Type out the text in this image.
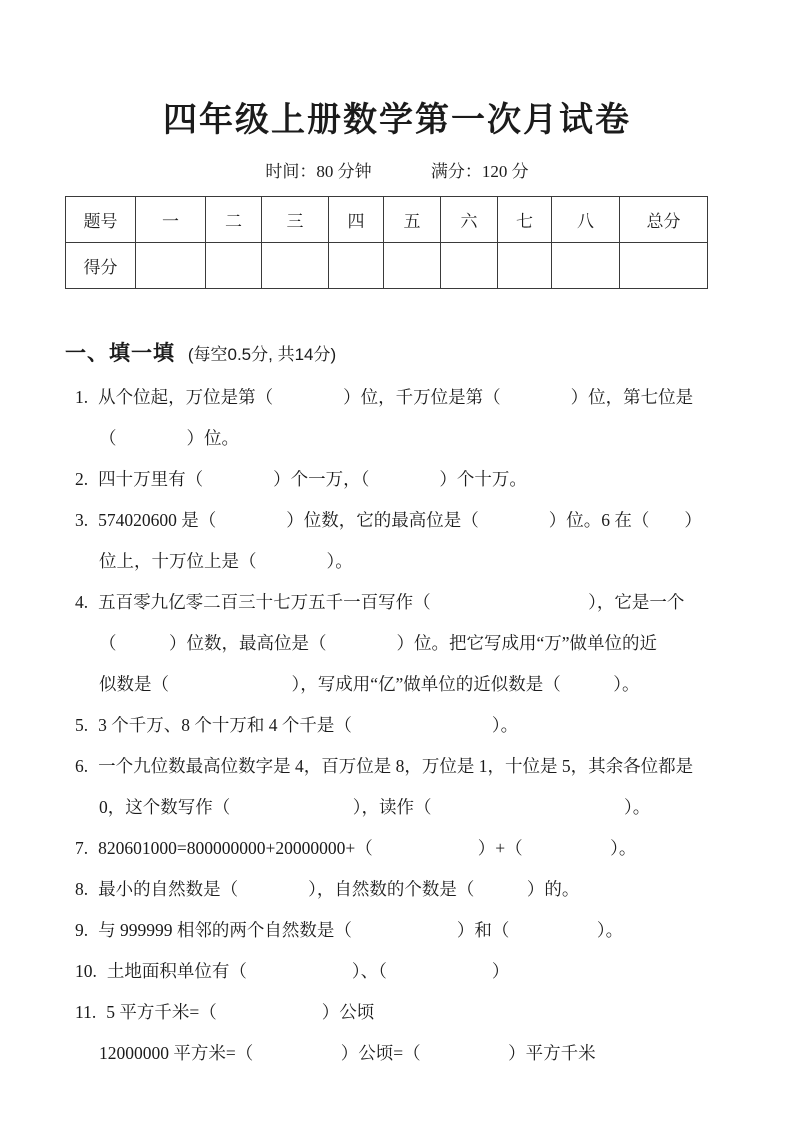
四年级上册数学第一次月试卷
时间：80 分钟	满分：120 分
题号	一	二	三	四	五	六	七	八	总分
得分									
一、填一填 (每空0.5分, 共14分)
1. 从个位起，万位是第（　　　　）位，千万位是第（　　　　）位，第七位是
（　　　　）位。
2. 四十万里有（　　　　）个一万，（　　　　）个十万。
3. 574020600 是（　　　　）位数，它的最高位是（　　　　）位。6 在（　　）
位上，十万位上是（　　　　）。
4. 五百零九亿零二百三十七万五千一百写作（　　　　　　　　　），它是一个
（　　　）位数，最高位是（　　　　）位。把它写成用“万”做单位的近
似数是（　　　　　　　），写成用“亿”做单位的近似数是（　　　）。
5. 3 个千万、8 个十万和 4 个千是（　　　　　　　　）。
6. 一个九位数最高位数字是 4，百万位是 8，万位是 1，十位是 5，其余各位都是
0，这个数写作（　　　　　　　），读作（　　　　　　　　　　　）。
7. 820601000=800000000+20000000+（　　　　　　）+（　　　　　）。
8. 最小的自然数是（　　　　），自然数的个数是（　　　）的。
9. 与 999999 相邻的两个自然数是（　　　　　　）和（　　　　　）。
10. 土地面积单位有（　　　　　　）、（　　　　　　）
11. 5 平方千米=（　　　　　　）公顷
12000000 平方米=（　　　　　）公顷=（　　　　　）平方千米
